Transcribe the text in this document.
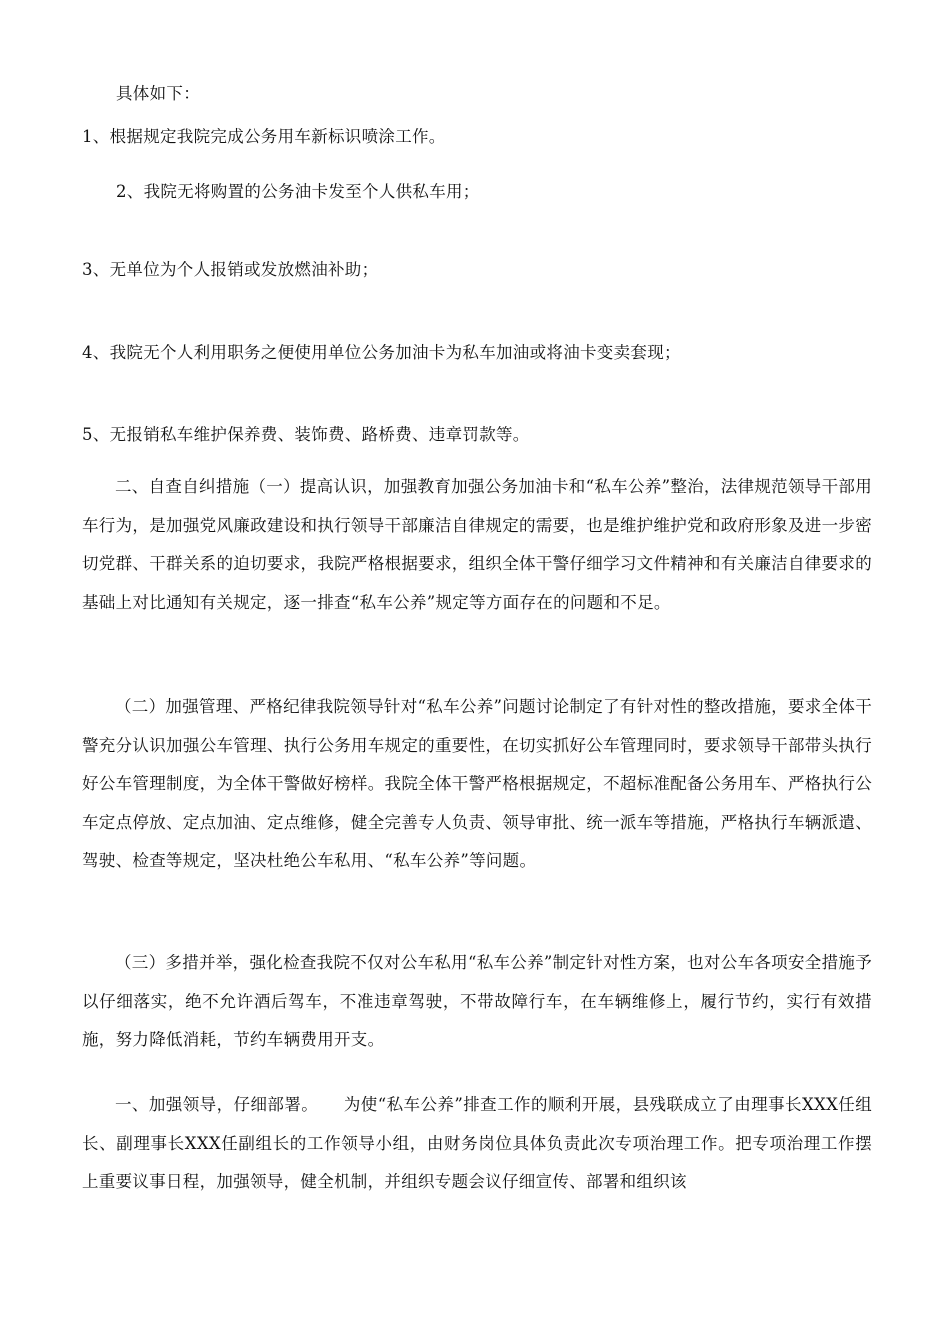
具体如下：
1、根据规定我院完成公务用车新标识喷涂工作。
2、我院无将购置的公务油卡发至个人供私车用；
3、无单位为个人报销或发放燃油补助；
4、我院无个人利用职务之便使用单位公务加油卡为私车加油或将油卡变卖套现；
5、无报销私车维护保养费、装饰费、路桥费、违章罚款等。
二、自查自纠措施（一）提高认识，加强教育加强公务加油卡和“私车公养”整治，法律规范领导干部用车行为，是加强党风廉政建设和执行领导干部廉洁自律规定的需要，也是维护维护党和政府形象及进一步密切党群、干群关系的迫切要求，我院严格根据要求，组织全体干警仔细学习文件精神和有关廉洁自律要求的基础上对比通知有关规定，逐一排查“私车公养”规定等方面存在的问题和不足。
（二）加强管理、严格纪律我院领导针对“私车公养”问题讨论制定了有针对性的整改措施，要求全体干警充分认识加强公车管理、执行公务用车规定的重要性，在切实抓好公车管理同时，要求领导干部带头执行好公车管理制度，为全体干警做好榜样。我院全体干警严格根据规定，不超标准配备公务用车、严格执行公车定点停放、定点加油、定点维修，健全完善专人负责、领导审批、统一派车等措施，严格执行车辆派遣、驾驶、检查等规定，坚决杜绝公车私用、“私车公养”等问题。
（三）多措并举，强化检查我院不仅对公车私用“私车公养”制定针对性方案，也对公车各项安全措施予以仔细落实，绝不允许酒后驾车，不准违章驾驶，不带故障行车，在车辆维修上，履行节约，实行有效措施，努力降低消耗，节约车辆费用开支。
一、加强领导，仔细部署。　　为使“私车公养”排查工作的顺利开展，县残联成立了由理事长XXX任组长、副理事长XXX任副组长的工作领导小组，由财务岗位具体负责此次专项治理工作。把专项治理工作摆上重要议事日程，加强领导，健全机制，并组织专题会议仔细宣传、部署和组织该
